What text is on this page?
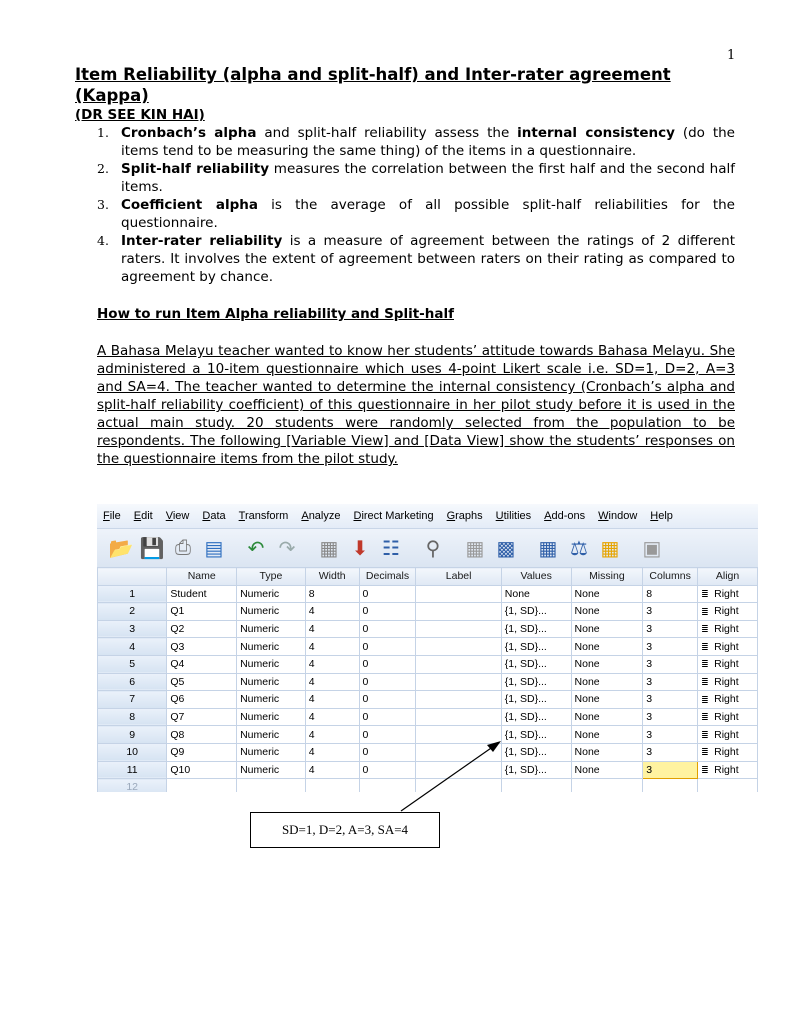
1
Item Reliability (alpha and split-half) and Inter-rater agreement (Kappa)
(DR SEE KIN HAI)
1. Cronbach’s alpha and split-half reliability assess the internal consistency (do the items tend to be measuring the same thing) of the items in a questionnaire.
2. Split-half reliability measures the correlation between the first half and the second half items.
3. Coefficient alpha is the average of all possible split-half reliabilities for the questionnaire.
4. Inter-rater reliability is a measure of agreement between the ratings of 2 different raters. It involves the extent of agreement between raters on their rating as compared to agreement by chance.
How to run Item Alpha reliability and Split-half
A Bahasa Melayu teacher wanted to know her students’ attitude towards Bahasa Melayu. She administered a 10-item questionnaire which uses 4-point Likert scale i.e. SD=1, D=2, A=3 and SA=4. The teacher wanted to determine the internal consistency (Cronbach’s alpha and split-half reliability coefficient) of this questionnaire in her pilot study before it is used in the actual main study. 20 students were randomly selected from the population to be respondents. The following [Variable View] and [Data View] show the students’ responses on the questionnaire items from the pilot study.
File Edit View Data Transform Analyze Direct Marketing Graphs Utilities Add-ons Window Help
📂 💾 ⎙ ▤ ↶ ↷ ▦ ⬇ ☷	⚲	▦ ▩ ▦ ⚖ ▦ ▣
	Name	Type	Width	Decimals	Label	Values	Missing	Columns	Align
1	Student	Numeric	8	0		None	None	8	≣ Right
2	Q1	Numeric	4	0		{1, SD}...	None	3	≣ Right
3	Q2	Numeric	4	0		{1, SD}...	None	3	≣ Right
4	Q3	Numeric	4	0		{1, SD}...	None	3	≣ Right
5	Q4	Numeric	4	0		{1, SD}...	None	3	≣ Right
6	Q5	Numeric	4	0		{1, SD}...	None	3	≣ Right
7	Q6	Numeric	4	0		{1, SD}...	None	3	≣ Right
8	Q7	Numeric	4	0		{1, SD}...	None	3	≣ Right
9	Q8	Numeric	4	0		{1, SD}...	None	3	≣ Right
10	Q9	Numeric	4	0		{1, SD}...	None	3	≣ Right
11	Q10	Numeric	4	0		{1, SD}...	None	3	≣ Right
12									
SD=1, D=2, A=3, SA=4
